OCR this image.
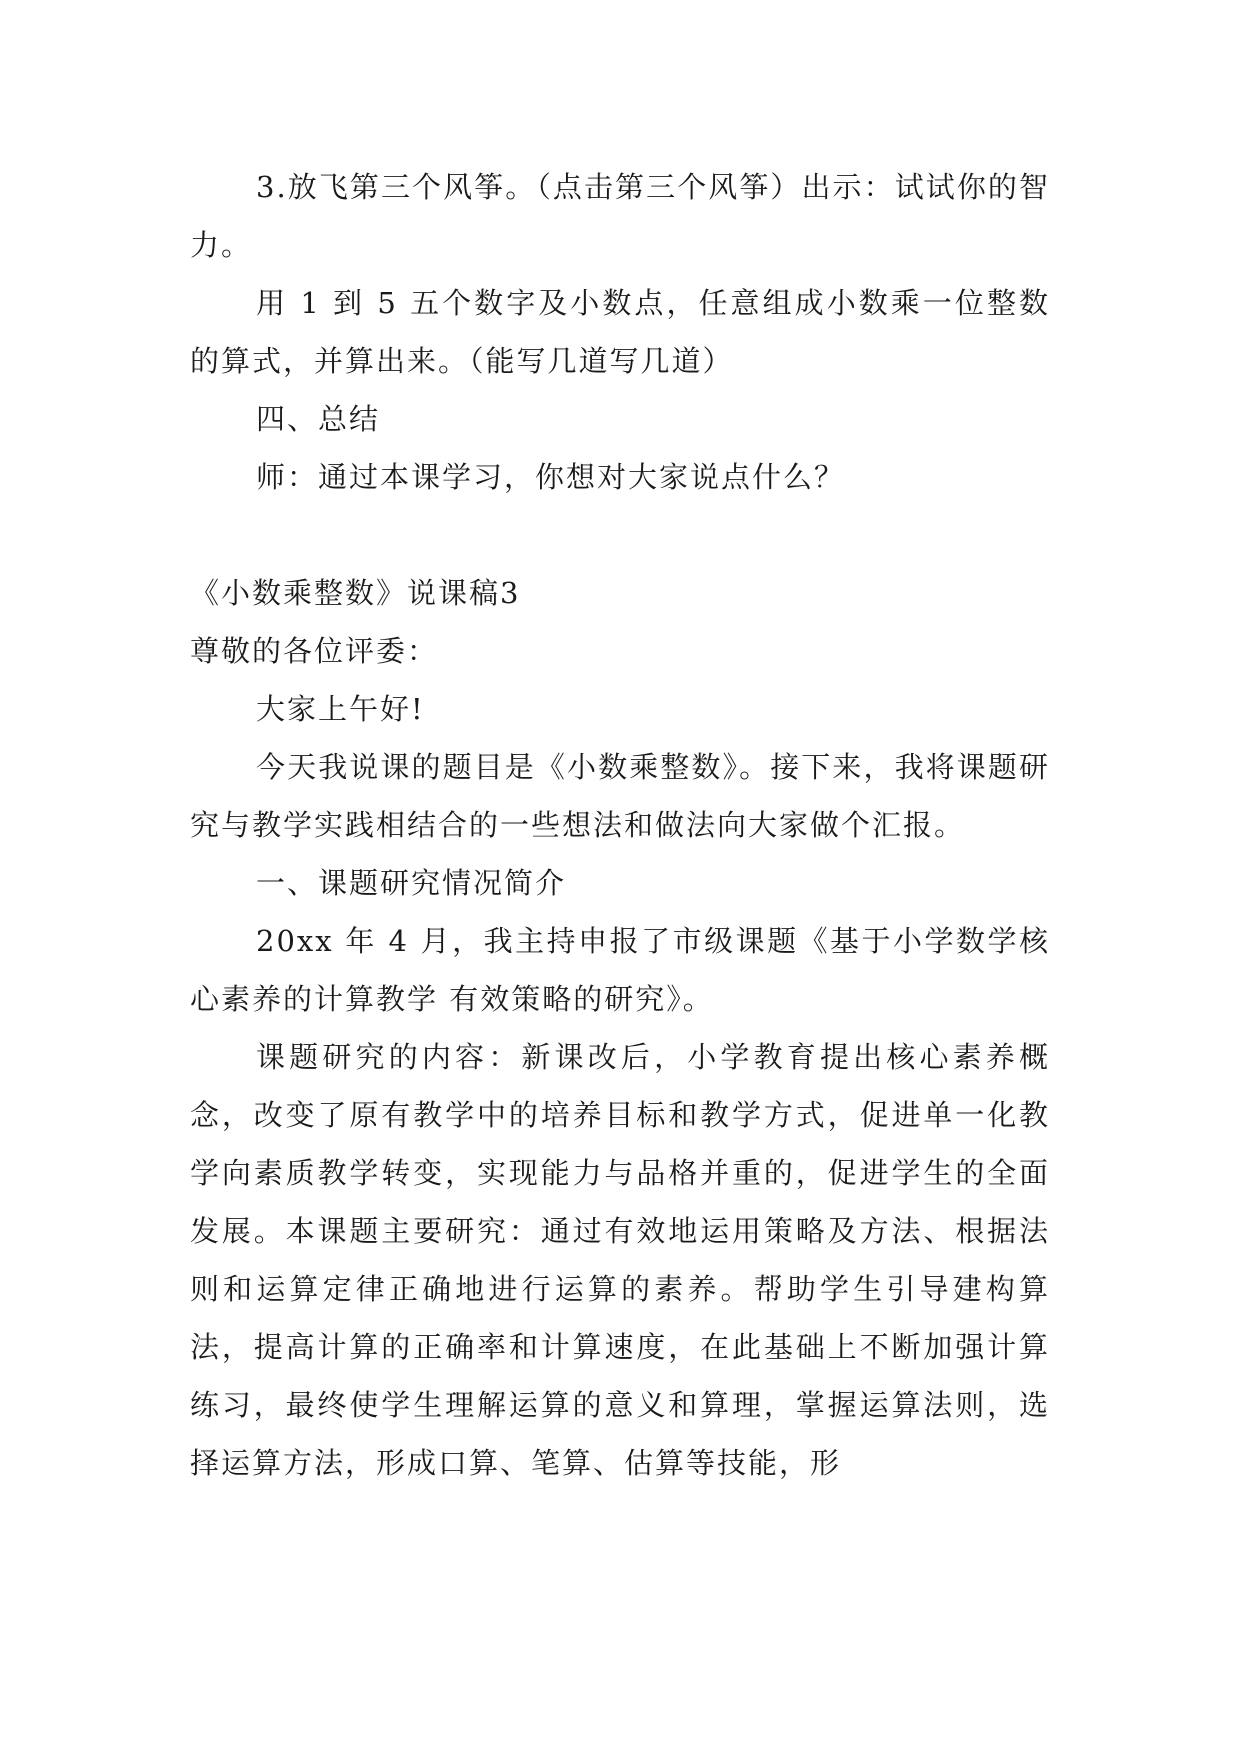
3.放飞第三个风筝。（点击第三个风筝）出示：试试你的智力。

用 1 到 5 五个数字及小数点，任意组成小数乘一位整数的算式，并算出来。（能写几道写几道）

四、总结

师：通过本课学习，你想对大家说点什么？

《小数乘整数》说课稿3

尊敬的各位评委：

大家上午好!

今天我说课的题目是《小数乘整数》。接下来，我将课题研究与教学实践相结合的一些想法和做法向大家做个汇报。

一、课题研究情况简介

20xx 年 4 月，我主持申报了市级课题《基于小学数学核心素养的计算教学 有效策略的研究》。

课题研究的内容：新课改后，小学教育提出核心素养概念，改变了原有教学中的培养目标和教学方式，促进单一化教学向素质教学转变，实现能力与品格并重的，促进学生的全面发展。本课题主要研究：通过有效地运用策略及方法、根据法则和运算定律正确地进行运算的素养。帮助学生引导建构算法，提高计算的正确率和计算速度，在此基础上不断加强计算练习，最终使学生理解运算的意义和算理，掌握运算法则，选择运算方法，形成口算、笔算、估算等技能，形
